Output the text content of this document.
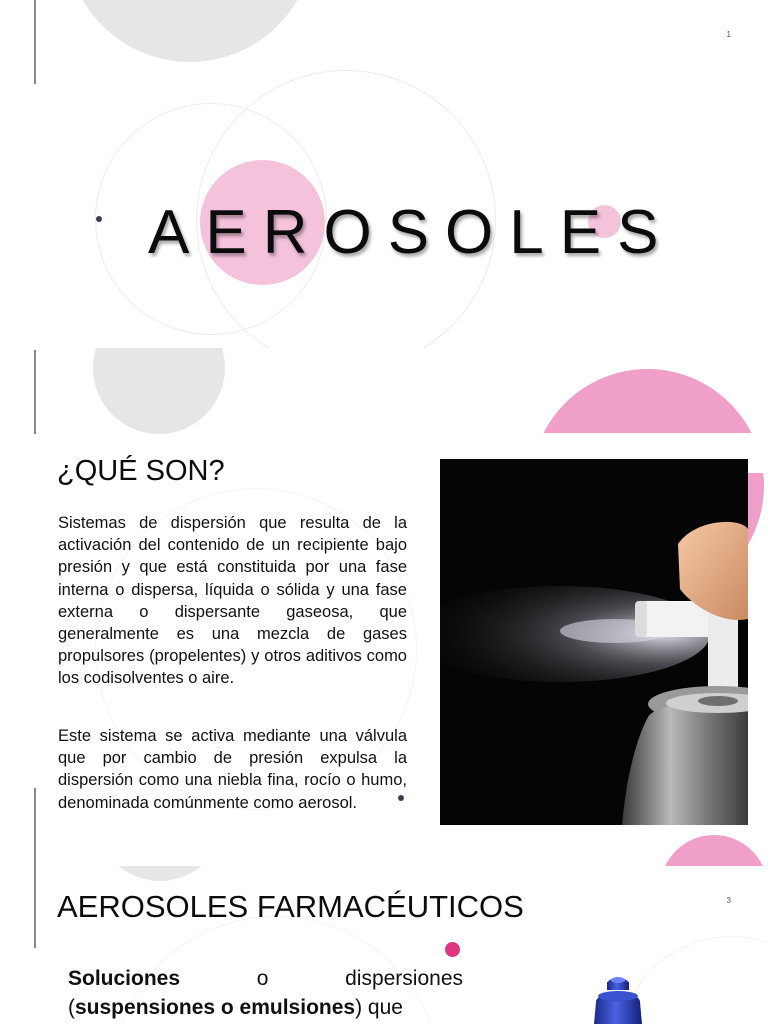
1
AEROSOLES
¿QUÉ SON?

Sistemas de dispersión que resulta de la activación del contenido de un recipiente bajo presión y que está constituida por una fase interna o dispersa, líquida o sólida y una fase externa o dispersante gaseosa, que generalmente es una mezcla de gases propulsores (propelentes) y otros aditivos como los codisolventes o aire.

Este sistema se activa mediante una válvula que por cambio de presión expulsa la dispersión como una niebla fina, rocío o humo, denominada comúnmente como aerosol.

3
AEROSOLES FARMACÉUTICOS

Soluciones o dispersiones (suspensiones o emulsiones) que
